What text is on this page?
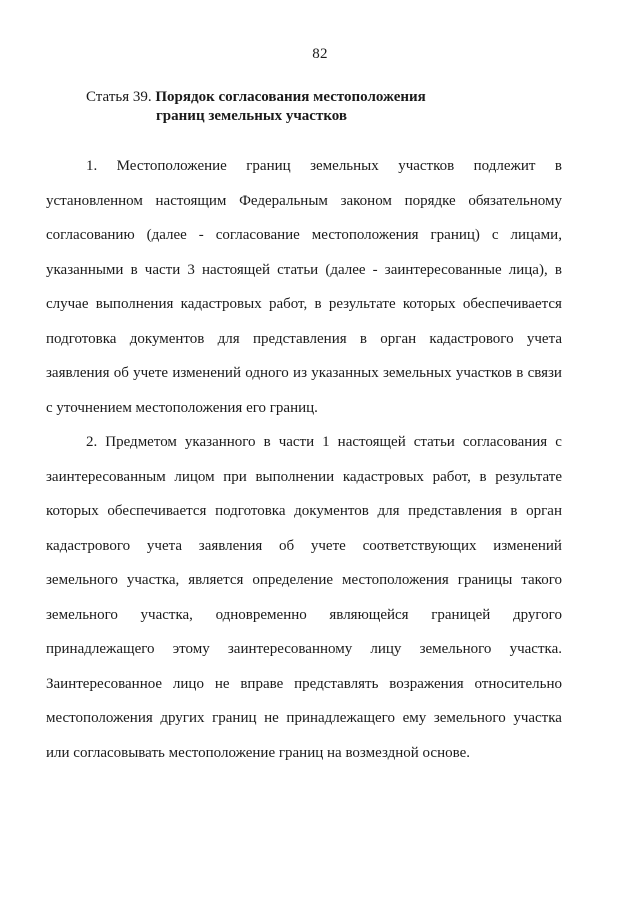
82
Статья 39. Порядок согласования местоположения
границ земельных участков
1. Местоположение границ земельных участков подлежит в
установленном настоящим Федеральным законом порядке обязательному
согласованию (далее - согласование местоположения границ) с лицами,
указанными в части 3 настоящей статьи (далее - заинтересованные лица), в
случае выполнения кадастровых работ, в результате которых обеспечивается
подготовка документов для представления в орган кадастрового учета
заявления об учете изменений одного из указанных земельных участков в связи
с уточнением местоположения его границ.
2. Предметом указанного в части 1 настоящей статьи согласования с
заинтересованным лицом при выполнении кадастровых работ, в результате
которых обеспечивается подготовка документов для представления в орган
кадастрового учета заявления об учете соответствующих изменений
земельного участка, является определение местоположения границы такого
земельного участка, одновременно являющейся границей другого
принадлежащего этому заинтересованному лицу земельного участка.
Заинтересованное лицо не вправе представлять возражения относительно
местоположения других границ не принадлежащего ему земельного участка
или согласовывать местоположение границ на возмездной основе.
